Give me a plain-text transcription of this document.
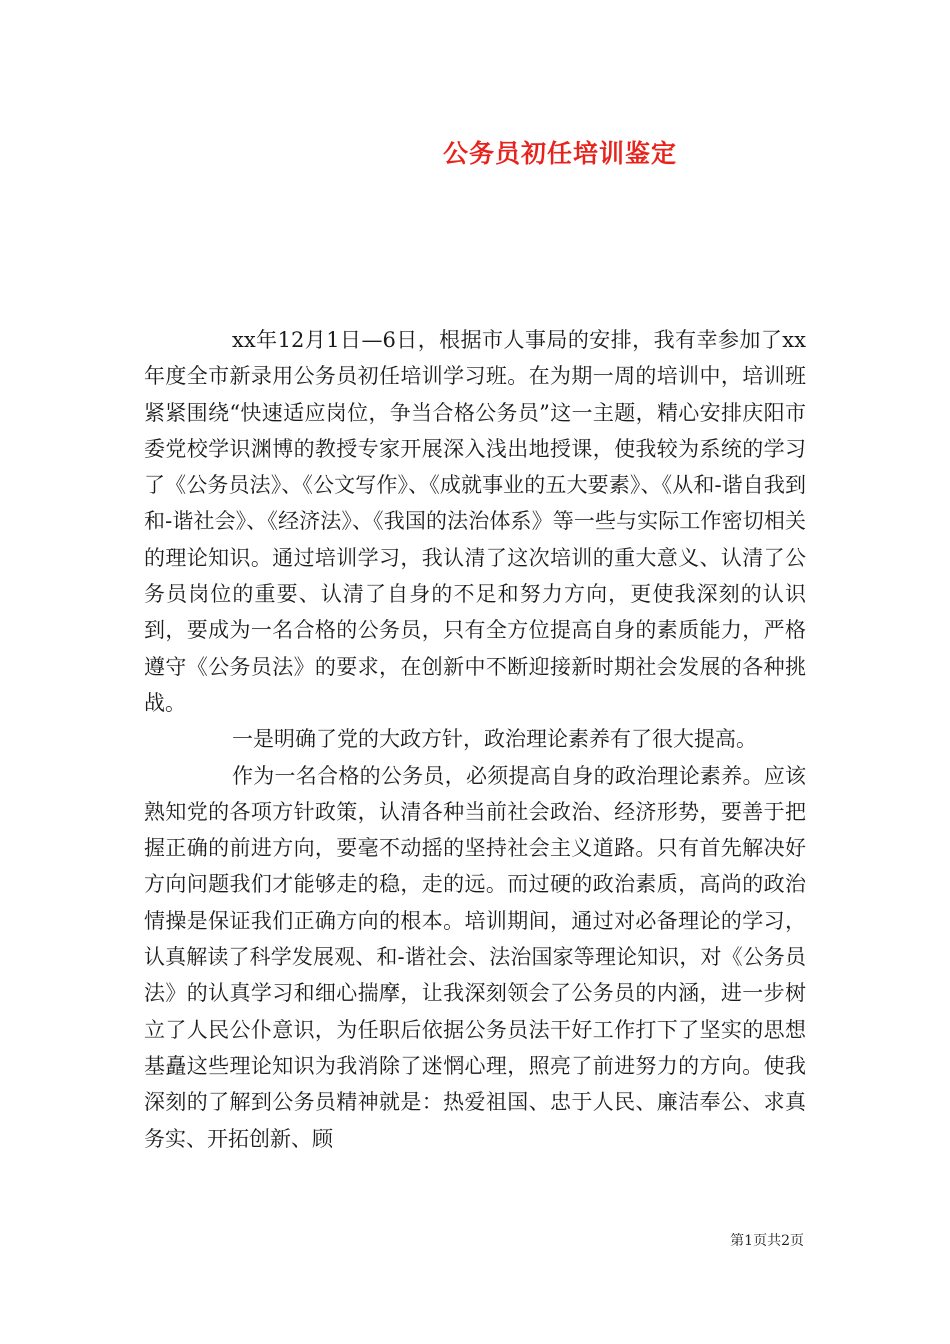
公务员初任培训鉴定

xx年12月1日—6日，根据市人事局的安排，我有幸参加了xx年度全市新录用公务员初任培训学习班。在为期一周的培训中，培训班紧紧围绕“快速适应岗位，争当合格公务员”这一主题，精心安排庆阳市委党校学识渊博的教授专家开展深入浅出地授课，使我较为系统的学习了《公务员法》、《公文写作》、《成就事业的五大要素》、《从和-谐自我到和-谐社会》、《经济法》、《我国的法治体系》等一些与实际工作密切相关的理论知识。通过培训学习，我认清了这次培训的重大意义、认清了公务员岗位的重要、认清了自身的不足和努力方向，更使我深刻的认识到，要成为一名合格的公务员，只有全方位提高自身的素质能力，严格遵守《公务员法》的要求，在创新中不断迎接新时期社会发展的各种挑战。

一是明确了党的大政方针，政治理论素养有了很大提高。

作为一名合格的公务员，必须提高自身的政治理论素养。应该熟知党的各项方针政策，认清各种当前社会政治、经济形势，要善于把握正确的前进方向，要毫不动摇的坚持社会主义道路。只有首先解决好方向问题我们才能够走的稳，走的远。而过硬的政治素质，高尚的政治情操是保证我们正确方向的根本。培训期间，通过对必备理论的学习，认真解读了科学发展观、和-谐社会、法治国家等理论知识，对《公务员法》的认真学习和细心揣摩，让我深刻领会了公务员的内涵，进一步树立了人民公仆意识，为任职后依据公务员法干好工作打下了坚实的思想基矗这些理论知识为我消除了迷惘心理，照亮了前进努力的方向。使我深刻的了解到公务员精神就是：热爱祖国、忠于人民、廉洁奉公、求真务实、开拓创新、顾

第1页共2页
